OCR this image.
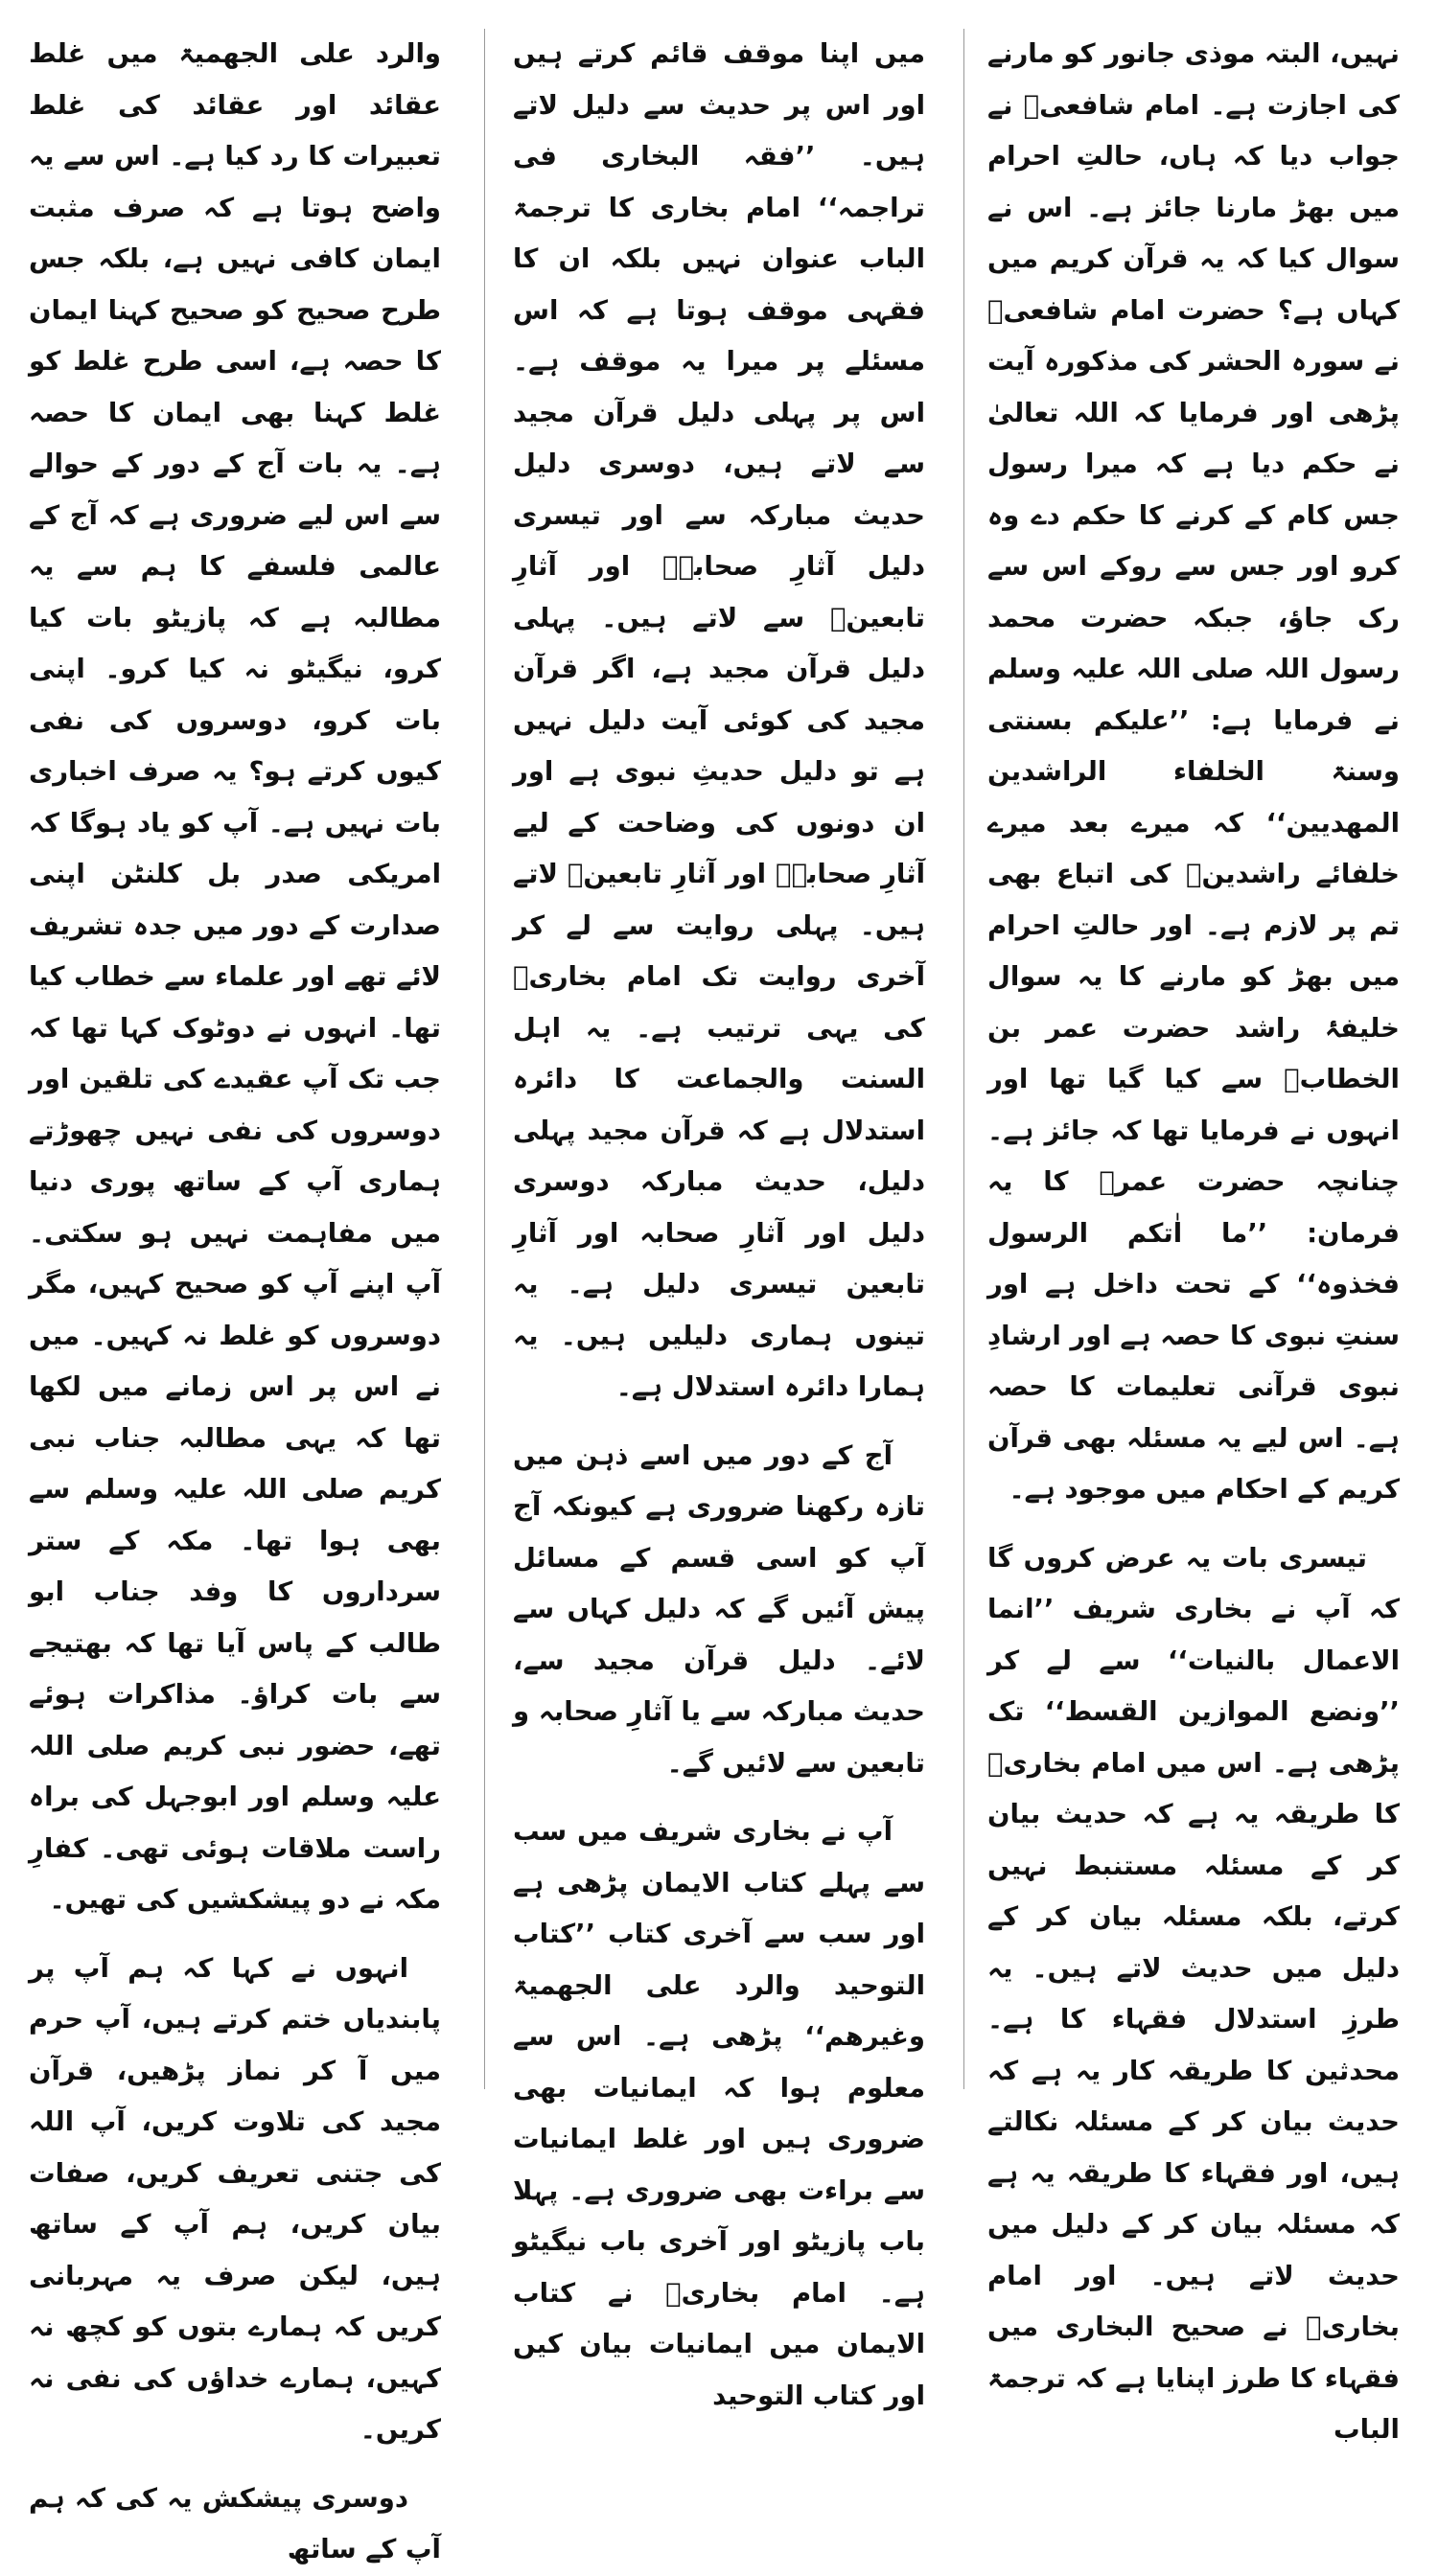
نہیں، البتہ موذی جانور کو مارنے کی اجازت ہے۔ امام شافعیؒ نے جواب دیا کہ ہاں، حالتِ احرام میں بھڑ مارنا جائز ہے۔ اس نے سوال کیا کہ یہ قرآن کریم میں کہاں ہے؟ حضرت امام شافعیؒ نے سورہ الحشر کی مذکورہ آیت پڑھی اور فرمایا کہ اللہ تعالیٰ نے حکم دیا ہے کہ میرا رسول جس کام کے کرنے کا حکم دے وہ کرو اور جس سے روکے اس سے رک جاؤ، جبکہ حضرت محمد رسول اللہ صلی اللہ علیہ وسلم نے فرمایا ہے: ’’علیکم بسنتی وسنۃ الخلفاء الراشدین المھدیین‘‘ کہ میرے بعد میرے خلفائے راشدینؓ کی اتباع بھی تم پر لازم ہے۔ اور حالتِ احرام میں بھڑ کو مارنے کا یہ سوال خلیفۂ راشد حضرت عمر بن الخطابؓ سے کیا گیا تھا اور انہوں نے فرمایا تھا کہ جائز ہے۔ چنانچہ حضرت عمرؓ کا یہ فرمان: ’’ما اٰتکم الرسول فخذوہ‘‘ کے تحت داخل ہے اور سنتِ نبوی کا حصہ ہے اور ارشادِ نبوی قرآنی تعلیمات کا حصہ ہے۔ اس لیے یہ مسئلہ بھی قرآن کریم کے احکام میں موجود ہے۔

تیسری بات یہ عرض کروں گا کہ آپ نے بخاری شریف ’’انما الاعمال بالنیات‘‘ سے لے کر ’’ونضع الموازین القسط‘‘ تک پڑھی ہے۔ اس میں امام بخاریؒ کا طریقہ یہ ہے کہ حدیث بیان کر کے مسئلہ مستنبط نہیں کرتے، بلکہ مسئلہ بیان کر کے دلیل میں حدیث لاتے ہیں۔ یہ طرزِ استدلال فقہاء کا ہے۔ محدثین کا طریقہ کار یہ ہے کہ حدیث بیان کر کے مسئلہ نکالتے ہیں، اور فقہاء کا طریقہ یہ ہے کہ مسئلہ بیان کر کے دلیل میں حدیث لاتے ہیں۔ اور امام بخاریؒ نے صحیح البخاری میں فقہاء کا طرز اپنایا ہے کہ ترجمۃ الباب

میں اپنا موقف قائم کرتے ہیں اور اس پر حدیث سے دلیل لاتے ہیں۔ ’’فقہ البخاری فی تراجمہ‘‘ امام بخاری کا ترجمۃ الباب عنوان نہیں بلکہ ان کا فقہی موقف ہوتا ہے کہ اس مسئلے پر میرا یہ موقف ہے۔ اس پر پہلی دلیل قرآن مجید سے لاتے ہیں، دوسری دلیل حدیث مبارکہ سے اور تیسری دلیل آثارِ صحابہؓ اور آثارِ تابعینؒ سے لاتے ہیں۔ پہلی دلیل قرآن مجید ہے، اگر قرآن مجید کی کوئی آیت دلیل نہیں ہے تو دلیل حدیثِ نبوی ہے اور ان دونوں کی وضاحت کے لیے آثارِ صحابہؓ اور آثارِ تابعینؒ لاتے ہیں۔ پہلی روایت سے لے کر آخری روایت تک امام بخاریؒ کی یہی ترتیب ہے۔ یہ اہل السنت والجماعت کا دائرہ استدلال ہے کہ قرآن مجید پہلی دلیل، حدیث مبارکہ دوسری دلیل اور آثارِ صحابہ اور آثارِ تابعین تیسری دلیل ہے۔ یہ تینوں ہماری دلیلیں ہیں۔ یہ ہمارا دائرہ استدلال ہے۔

آج کے دور میں اسے ذہن میں تازہ رکھنا ضروری ہے کیونکہ آج آپ کو اسی قسم کے مسائل پیش آئیں گے کہ دلیل کہاں سے لائے۔ دلیل قرآن مجید سے، حدیث مبارکہ سے یا آثارِ صحابہ و تابعین سے لائیں گے۔

آپ نے بخاری شریف میں سب سے پہلے کتاب الایمان پڑھی ہے اور سب سے آخری کتاب ’’کتاب التوحید والرد علی الجھمیۃ وغیرھم‘‘ پڑھی ہے۔ اس سے معلوم ہوا کہ ایمانیات بھی ضروری ہیں اور غلط ایمانیات سے براءت بھی ضروری ہے۔ پہلا باب پازیٹو اور آخری باب نیگیٹو ہے۔ امام بخاریؒ نے کتاب الایمان میں ایمانیات بیان کیں اور کتاب التوحید

والرد علی الجھمیۃ میں غلط عقائد اور عقائد کی غلط تعبیرات کا رد کیا ہے۔ اس سے یہ واضح ہوتا ہے کہ صرف مثبت ایمان کافی نہیں ہے، بلکہ جس طرح صحیح کو صحیح کہنا ایمان کا حصہ ہے، اسی طرح غلط کو غلط کہنا بھی ایمان کا حصہ ہے۔ یہ بات آج کے دور کے حوالے سے اس لیے ضروری ہے کہ آج کے عالمی فلسفے کا ہم سے یہ مطالبہ ہے کہ پازیٹو بات کیا کرو، نیگیٹو نہ کیا کرو۔ اپنی بات کرو، دوسروں کی نفی کیوں کرتے ہو؟ یہ صرف اخباری بات نہیں ہے۔ آپ کو یاد ہوگا کہ امریکی صدر بل کلنٹن اپنی صدارت کے دور میں جدہ تشریف لائے تھے اور علماء سے خطاب کیا تھا۔ انہوں نے دوٹوک کہا تھا کہ جب تک آپ عقیدے کی تلقین اور دوسروں کی نفی نہیں چھوڑتے ہماری آپ کے ساتھ پوری دنیا میں مفاہمت نہیں ہو سکتی۔ آپ اپنے آپ کو صحیح کہیں، مگر دوسروں کو غلط نہ کہیں۔ میں نے اس پر اس زمانے میں لکھا تھا کہ یہی مطالبہ جناب نبی کریم صلی اللہ علیہ وسلم سے بھی ہوا تھا۔ مکہ کے ستر سرداروں کا وفد جناب ابو طالب کے پاس آیا تھا کہ بھتیجے سے بات کراؤ۔ مذاکرات ہوئے تھے، حضور نبی کریم صلی اللہ علیہ وسلم اور ابوجہل کی براہ راست ملاقات ہوئی تھی۔ کفارِ مکہ نے دو پیشکشیں کی تھیں۔

انہوں نے کہا کہ ہم آپ پر پابندیاں ختم کرتے ہیں، آپ حرم میں آ کر نماز پڑھیں، قرآن مجید کی تلاوت کریں، آپ اللہ کی جتنی تعریف کریں، صفات بیان کریں، ہم آپ کے ساتھ ہیں، لیکن صرف یہ مہربانی کریں کہ ہمارے بتوں کو کچھ نہ کہیں، ہمارے خداؤں کی نفی نہ کریں۔

دوسری پیشکش یہ کی کہ ہم آپ کے ساتھ
